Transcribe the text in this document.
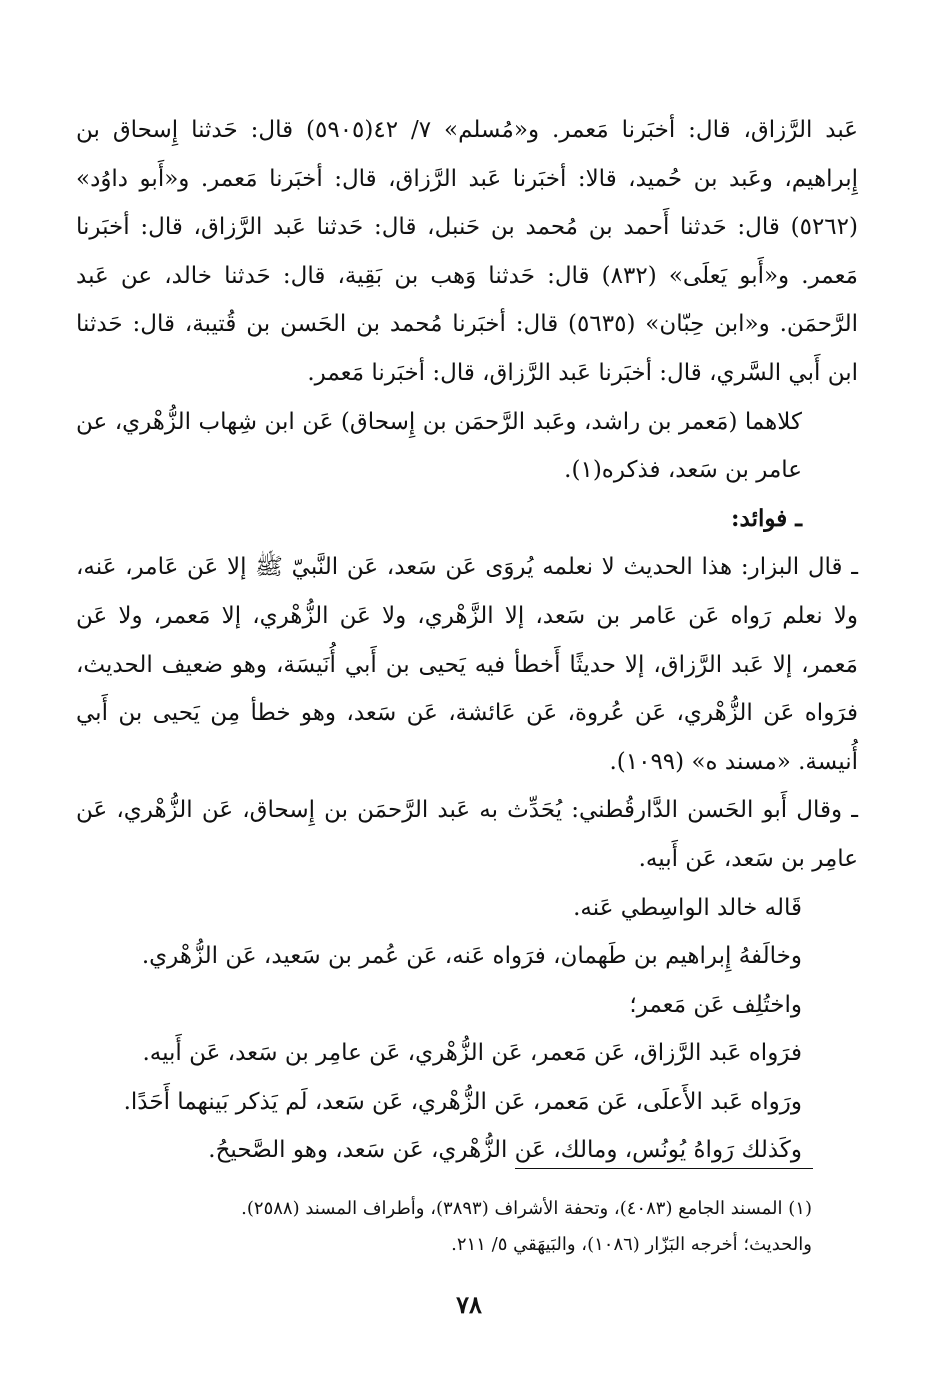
عَبد الرَّزاق، قال: أخبَرنا مَعمر. و«مُسلم» ٧/ ٤٢(٥٩٠٥) قال: حَدثنا إِسحاق بن إِبراهيم، وعَبد بن حُميد، قالا: أخبَرنا عَبد الرَّزاق، قال: أخبَرنا مَعمر. و«أَبو داوُد» (٥٢٦٢) قال: حَدثنا أَحمد بن مُحمد بن حَنبل، قال: حَدثنا عَبد الرَّزاق، قال: أخبَرنا مَعمر. و«أَبو يَعلَى» (٨٣٢) قال: حَدثنا وَهب بن بَقِية، قال: حَدثنا خالد، عن عَبد الرَّحمَن. و«ابن حِبّان» (٥٦٣٥) قال: أخبَرنا مُحمد بن الحَسن بن قُتيبة، قال: حَدثنا ابن أَبي السَّري، قال: أخبَرنا عَبد الرَّزاق، قال: أخبَرنا مَعمر.

كلاهما (مَعمر بن راشد، وعَبد الرَّحمَن بن إِسحاق) عَن ابن شِهاب الزُّهْري، عن عامر بن سَعد، فذكره(١).

ـ فوائد:

ـ قال البزار: هذا الحديث لا نعلمه يُروَى عَن سَعد، عَن النَّبيّ ﷺ إلا عَن عَامر، عَنه، ولا نعلم رَواه عَن عَامر بن سَعد، إلا الزَّهْري، ولا عَن الزُّهْري، إلا مَعمر، ولا عَن مَعمر، إلا عَبد الرَّزاق، إلا حديثًا أَخطأ فيه يَحيى بن أَبي أُنَيسَة، وهو ضعيف الحديث، فرَواه عَن الزُّهْري، عَن عُروة، عَن عَائشة، عَن سَعد، وهو خطأ مِن يَحيى بن أَبي أُنيسة. «مسند ه» (١٠٩٩).

ـ وقال أَبو الحَسن الدَّارقُطني: يُحَدِّث به عَبد الرَّحمَن بن إِسحاق، عَن الزُّهْري، عَن عامِر بن سَعد، عَن أَبيه.

قَاله خالد الواسِطي عَنه.

وخالَفهُ إِبراهيم بن طَهمان، فرَواه عَنه، عَن عُمر بن سَعيد، عَن الزُّهْري.

واختُلِف عَن مَعمر؛

فرَواه عَبد الرَّزاق، عَن مَعمر، عَن الزُّهْري، عَن عامِر بن سَعد، عَن أَبيه.

ورَواه عَبد الأَعلَى، عَن مَعمر، عَن الزُّهْري، عَن سَعد، لَم يَذكر بَينهما أَحَدًا.

وكَذلك رَواهُ يُونُس، ومالك، عَن الزُّهْري، عَن سَعد، وهو الصَّحيحُ.

(١) المسند الجامع (٤٠٨٣)، وتحفة الأشراف (٣٨٩٣)، وأطراف المسند (٢٥٨٨).

والحديث؛ أخرجه البَزّار (١٠٨٦)، والبَيهَقي ٥/ ٢١١.

٧٨
